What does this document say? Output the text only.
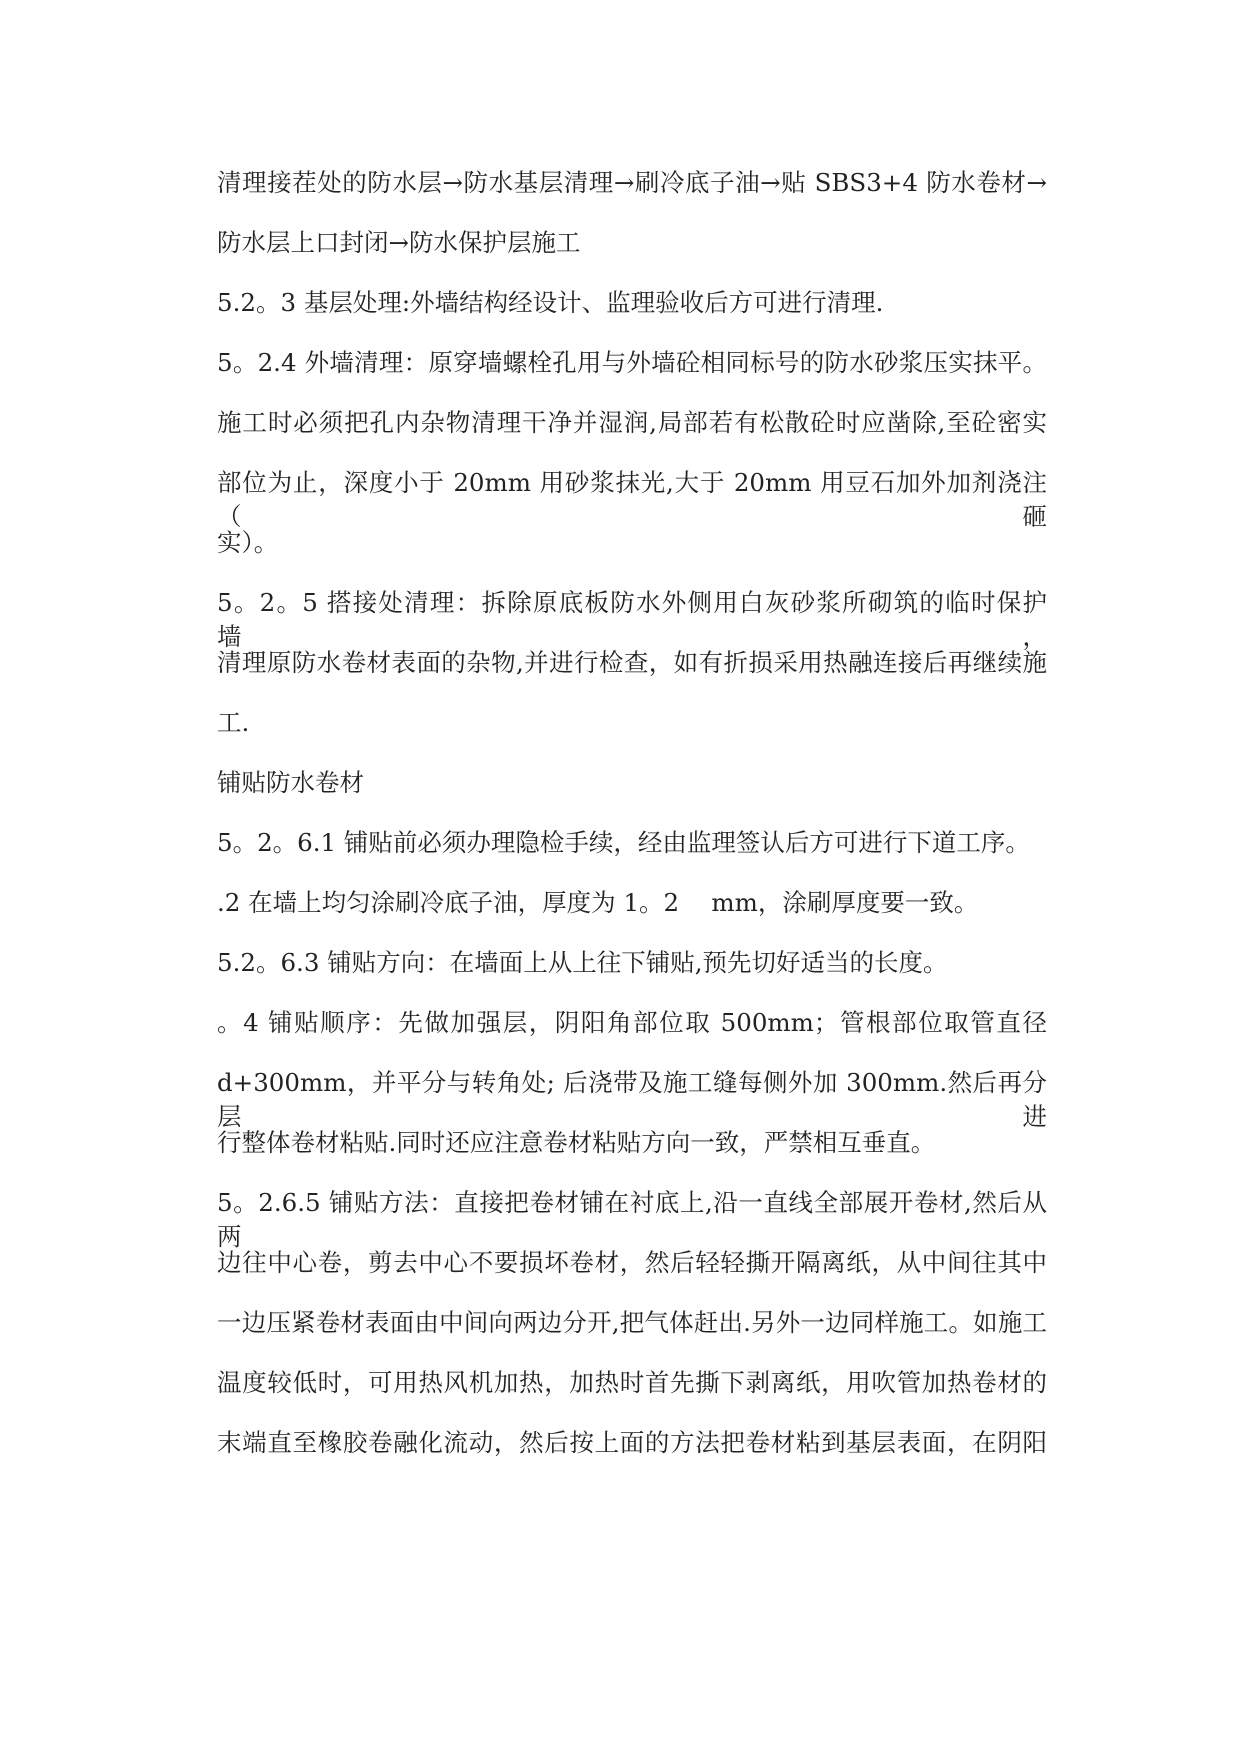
清理接茬处的防水层→防水基层清理→刷冷底子油→贴 SBS3+4 防水卷材→
防水层上口封闭→防水保护层施工
5.2。3 基层处理:外墙结构经设计、监理验收后方可进行清理.
5。2.4 外墙清理：原穿墙螺栓孔用与外墙砼相同标号的防水砂浆压实抹平。
施工时必须把孔内杂物清理干净并湿润,局部若有松散砼时应凿除,至砼密实
部位为止，深度小于 20mm 用砂浆抹光,大于 20mm 用豆石加外加剂浇注（砸
实）。
5。2。5 搭接处清理：拆除原底板防水外侧用白灰砂浆所砌筑的临时保护墙，
清理原防水卷材表面的杂物,并进行检查，如有折损采用热融连接后再继续施
工.
铺贴防水卷材
5。2。6.1 铺贴前必须办理隐检手续，经由监理签认后方可进行下道工序。
.2 在墙上均匀涂刷冷底子油，厚度为 1。2　 mm，涂刷厚度要一致。
5.2。6.3 铺贴方向：在墙面上从上往下铺贴,预先切好适当的长度。
。4 铺贴顺序：先做加强层，阴阳角部位取 500mm；管根部位取管直径
d+300mm，并平分与转角处; 后浇带及施工缝每侧外加 300mm.然后再分层进
行整体卷材粘贴.同时还应注意卷材粘贴方向一致，严禁相互垂直。
5。2.6.5 铺贴方法：直接把卷材铺在衬底上,沿一直线全部展开卷材,然后从两
边往中心卷，剪去中心不要损坏卷材，然后轻轻撕开隔离纸，从中间往其中
一边压紧卷材表面由中间向两边分开,把气体赶出.另外一边同样施工。如施工
温度较低时，可用热风机加热，加热时首先撕下剥离纸，用吹管加热卷材的
末端直至橡胶卷融化流动，然后按上面的方法把卷材粘到基层表面，在阴阳
